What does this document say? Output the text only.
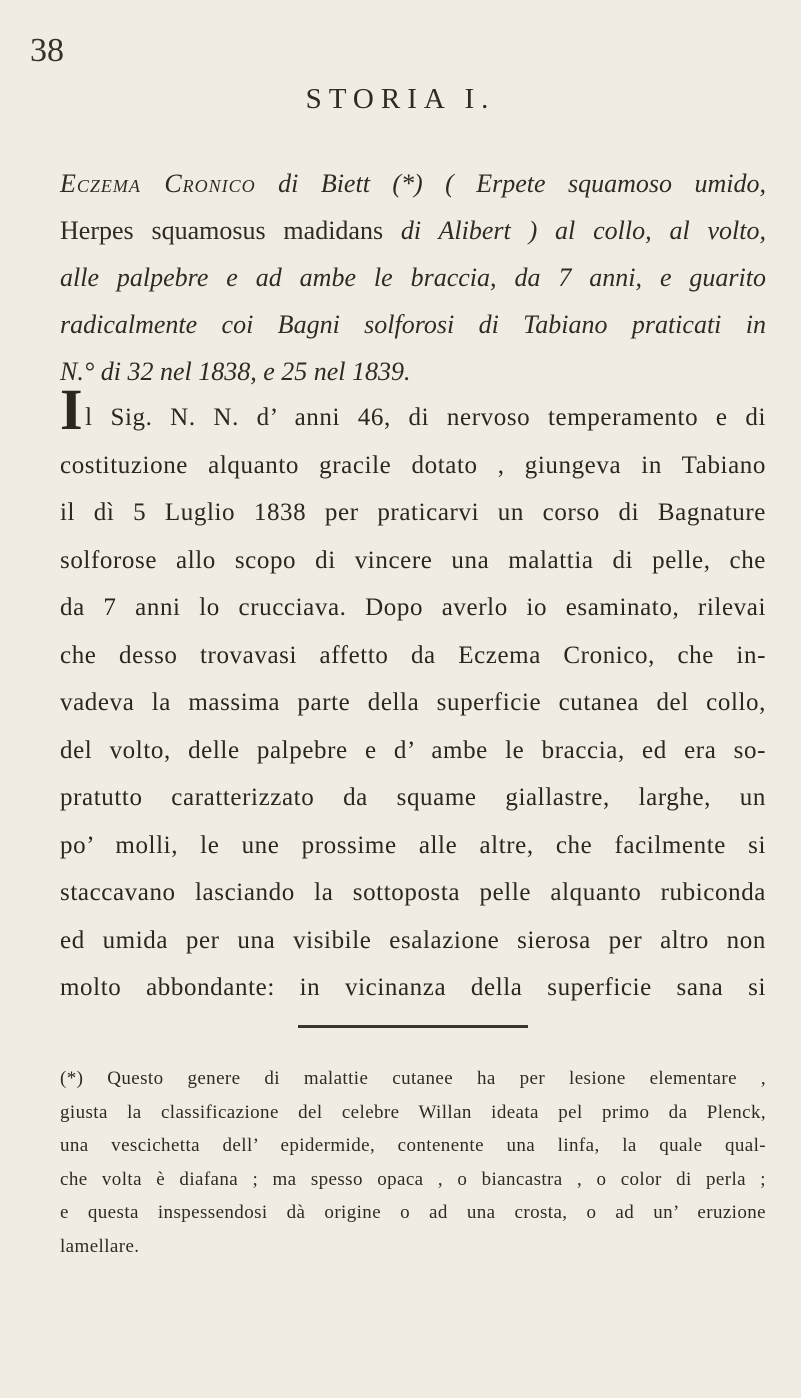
38
STORIA I.
Eczema Cronico di Biett (*) ( Erpete squamoso umido,
Herpes squamosus madidans di Alibert ) al collo, al volto,
alle palpebre e ad ambe le braccia, da 7 anni, e guarito
radicalmente coi Bagni solforosi di Tabiano praticati in
N.° di 32 nel 1838, e 25 nel 1839.
Il Sig. N. N. d’ anni 46, di nervoso temperamento e di
costituzione alquanto gracile dotato , giungeva in Tabiano
il dì 5 Luglio 1838 per praticarvi un corso di Bagnature
solforose allo scopo di vincere una malattia di pelle, che
da 7 anni lo crucciava. Dopo averlo io esaminato, rilevai
che desso trovavasi affetto da Eczema Cronico, che in-
vadeva la massima parte della superficie cutanea del collo,
del volto, delle palpebre e d’ ambe le braccia, ed era so-
pratutto caratterizzato da squame giallastre, larghe, un
po’ molli, le une prossime alle altre, che facilmente si
staccavano lasciando la sottoposta pelle alquanto rubiconda
ed umida per una visibile esalazione sierosa per altro non
molto abbondante: in vicinanza della superficie sana si
(*) Questo genere di malattie cutanee ha per lesione elementare ,
giusta la classificazione del celebre Willan ideata pel primo da Plenck,
una vescichetta dell’ epidermide, contenente una linfa, la quale qual-
che volta è diafana ; ma spesso opaca , o biancastra , o color di perla ;
e questa inspessendosi dà origine o ad una crosta, o ad un’ eruzione
lamellare.
